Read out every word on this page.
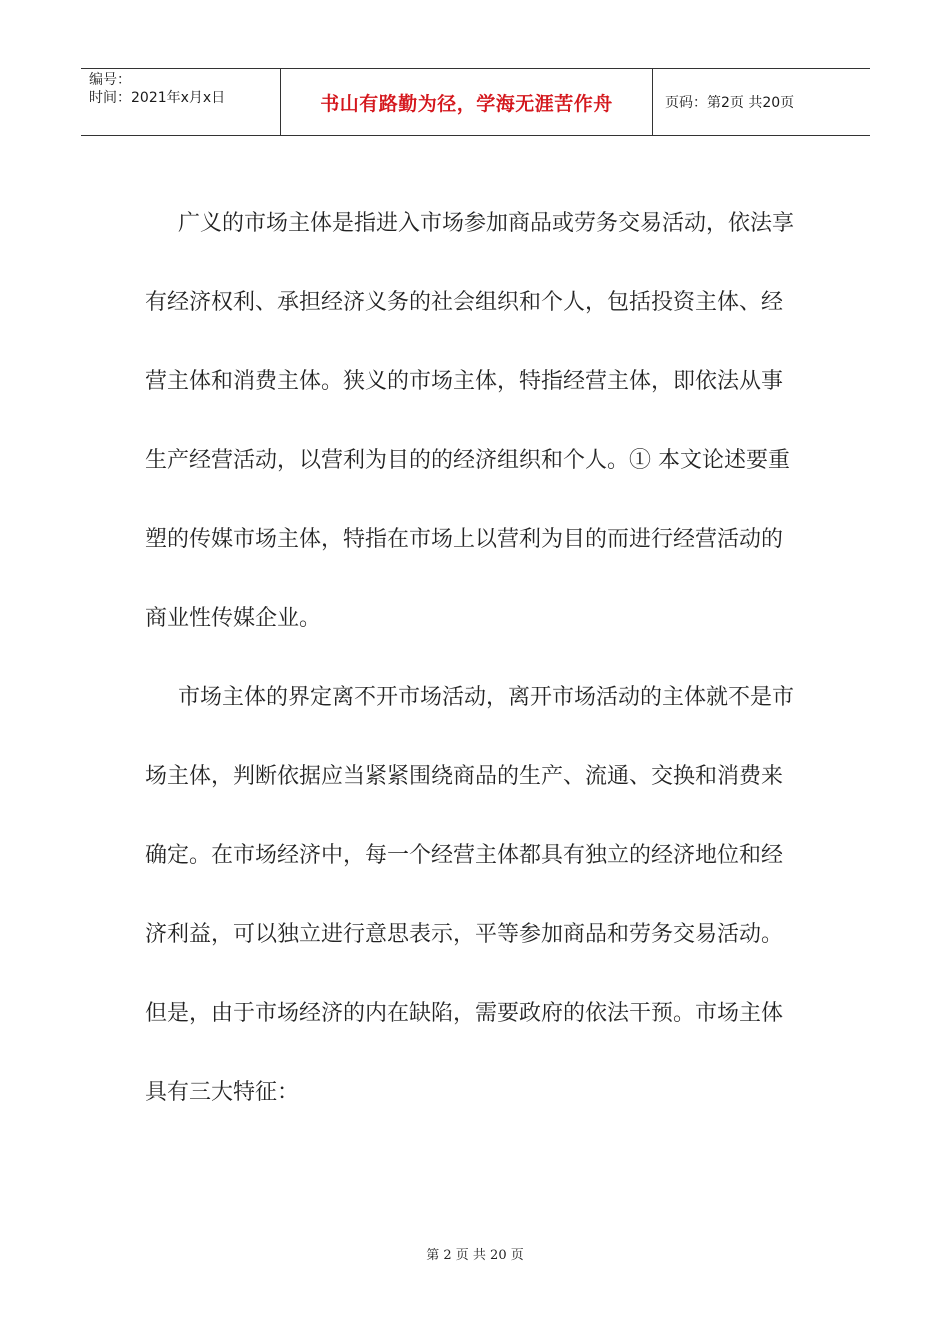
编号：
时间：2021年x月x日	书山有路勤为径，学海无涯苦作舟	页码：第2页 共20页
广义的市场主体是指进入市场参加商品或劳务交易活动，依法享
有经济权利、承担经济义务的社会组织和个人，包括投资主体、经
营主体和消费主体。狭义的市场主体，特指经营主体，即依法从事
生产经营活动，以营利为目的的经济组织和个人。① 本文论述要重
塑的传媒市场主体，特指在市场上以营利为目的而进行经营活动的
商业性传媒企业。
市场主体的界定离不开市场活动，离开市场活动的主体就不是市
场主体，判断依据应当紧紧围绕商品的生产、流通、交换和消费来
确定。在市场经济中，每一个经营主体都具有独立的经济地位和经
济利益，可以独立进行意思表示，平等参加商品和劳务交易活动。
但是，由于市场经济的内在缺陷，需要政府的依法干预。市场主体
具有三大特征：
第 2 页 共 20 页
